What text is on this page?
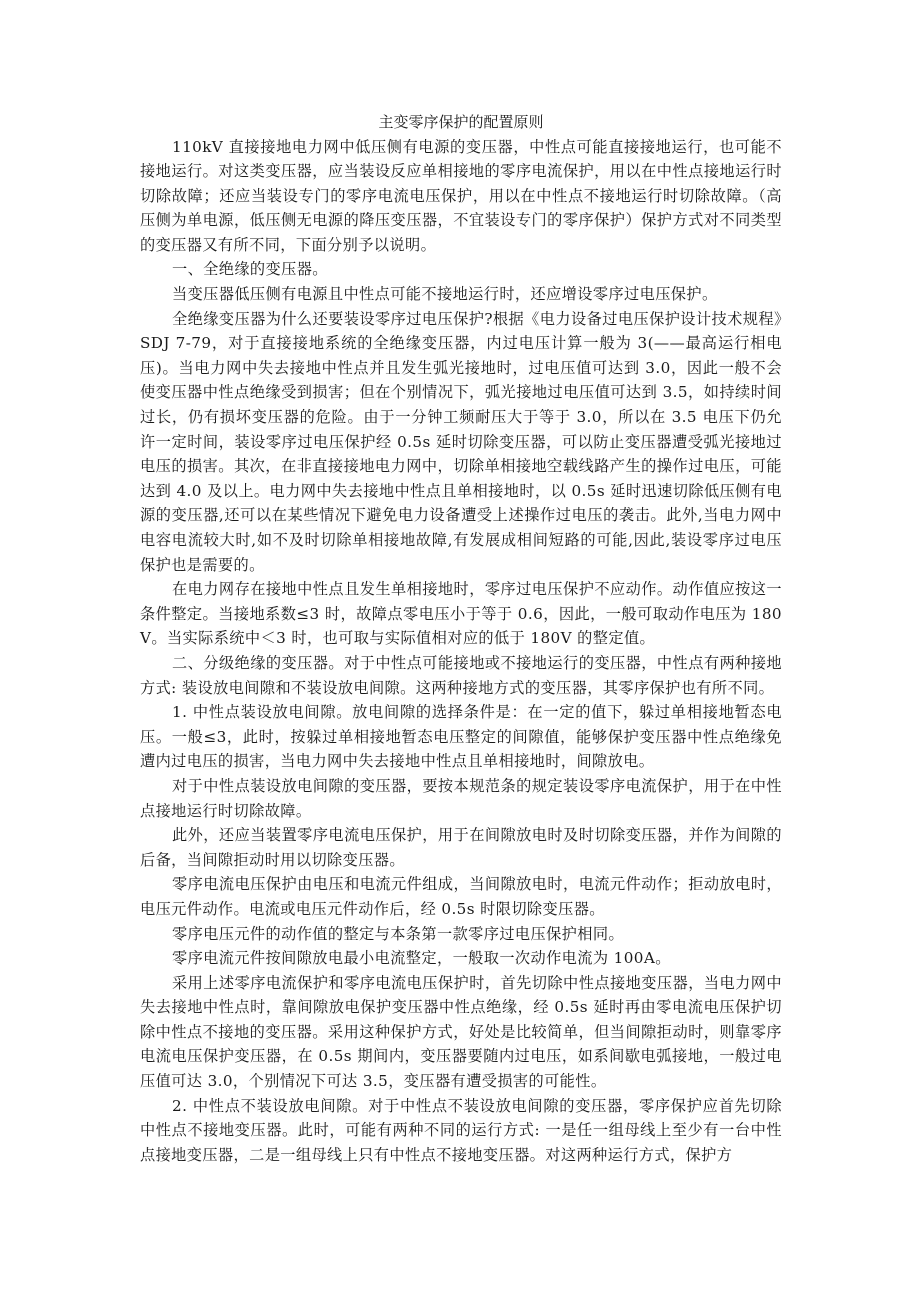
主变零序保护的配置原则

110kV 直接接地电力网中低压侧有电源的变压器，中性点可能直接接地运行，也可能不接地运行。对这类变压器，应当装设反应单相接地的零序电流保护，用以在中性点接地运行时切除故障；还应当装设专门的零序电流电压保护，用以在中性点不接地运行时切除故障。（高压侧为单电源，低压侧无电源的降压变压器，不宜装设专门的零序保护）保护方式对不同类型的变压器又有所不同，下面分别予以说明。

一、全绝缘的变压器。

当变压器低压侧有电源且中性点可能不接地运行时，还应增设零序过电压保护。

全绝缘变压器为什么还要装设零序过电压保护?根据《电力设备过电压保护设计技术规程》SDJ 7-79，对于直接接地系统的全绝缘变压器，内过电压计算一般为 3(——最高运行相电压)。当电力网中失去接地中性点并且发生弧光接地时，过电压值可达到 3.0，因此一般不会使变压器中性点绝缘受到损害；但在个别情况下，弧光接地过电压值可达到 3.5，如持续时间过长，仍有损坏变压器的危险。由于一分钟工频耐压大于等于 3.0，所以在 3.5 电压下仍允许一定时间，装设零序过电压保护经 0.5s 延时切除变压器，可以防止变压器遭受弧光接地过电压的损害。其次，在非直接接地电力网中，切除单相接地空载线路产生的操作过电压，可能达到 4.0 及以上。电力网中失去接地中性点且单相接地时，以 0.5s 延时迅速切除低压侧有电源的变压器,还可以在某些情况下避免电力设备遭受上述操作过电压的袭击。此外,当电力网中电容电流较大时,如不及时切除单相接地故障,有发展成相间短路的可能,因此,装设零序过电压保护也是需要的。

在电力网存在接地中性点且发生单相接地时，零序过电压保护不应动作。动作值应按这一条件整定。当接地系数≤3 时，故障点零电压小于等于 0.6，因此，一般可取动作电压为 180V。当实际系统中＜3 时，也可取与实际值相对应的低于 180V 的整定值。

二、分级绝缘的变压器。对于中性点可能接地或不接地运行的变压器，中性点有两种接地方式: 装设放电间隙和不装设放电间隙。这两种接地方式的变压器，其零序保护也有所不同。

1. 中性点装设放电间隙。放电间隙的选择条件是：在一定的值下，躲过单相接地暂态电压。一般≤3，此时，按躲过单相接地暂态电压整定的间隙值，能够保护变压器中性点绝缘免遭内过电压的损害，当电力网中失去接地中性点且单相接地时，间隙放电。

对于中性点装设放电间隙的变压器，要按本规范条的规定装设零序电流保护，用于在中性点接地运行时切除故障。

此外，还应当装置零序电流电压保护，用于在间隙放电时及时切除变压器，并作为间隙的后备，当间隙拒动时用以切除变压器。

零序电流电压保护由电压和电流元件组成，当间隙放电时，电流元件动作；拒动放电时，电压元件动作。电流或电压元件动作后，经 0.5s 时限切除变压器。

零序电压元件的动作值的整定与本条第一款零序过电压保护相同。

零序电流元件按间隙放电最小电流整定，一般取一次动作电流为 100A。

采用上述零序电流保护和零序电流电压保护时，首先切除中性点接地变压器，当电力网中失去接地中性点时，靠间隙放电保护变压器中性点绝缘，经 0.5s 延时再由零电流电压保护切除中性点不接地的变压器。采用这种保护方式，好处是比较简单，但当间隙拒动时，则靠零序电流电压保护变压器，在 0.5s 期间内，变压器要随内过电压，如系间歇电弧接地，一般过电压值可达 3.0，个别情况下可达 3.5，变压器有遭受损害的可能性。

2. 中性点不装设放电间隙。对于中性点不装设放电间隙的变压器，零序保护应首先切除中性点不接地变压器。此时，可能有两种不同的运行方式: 一是任一组母线上至少有一台中性点接地变压器，二是一组母线上只有中性点不接地变压器。对这两种运行方式，保护方
